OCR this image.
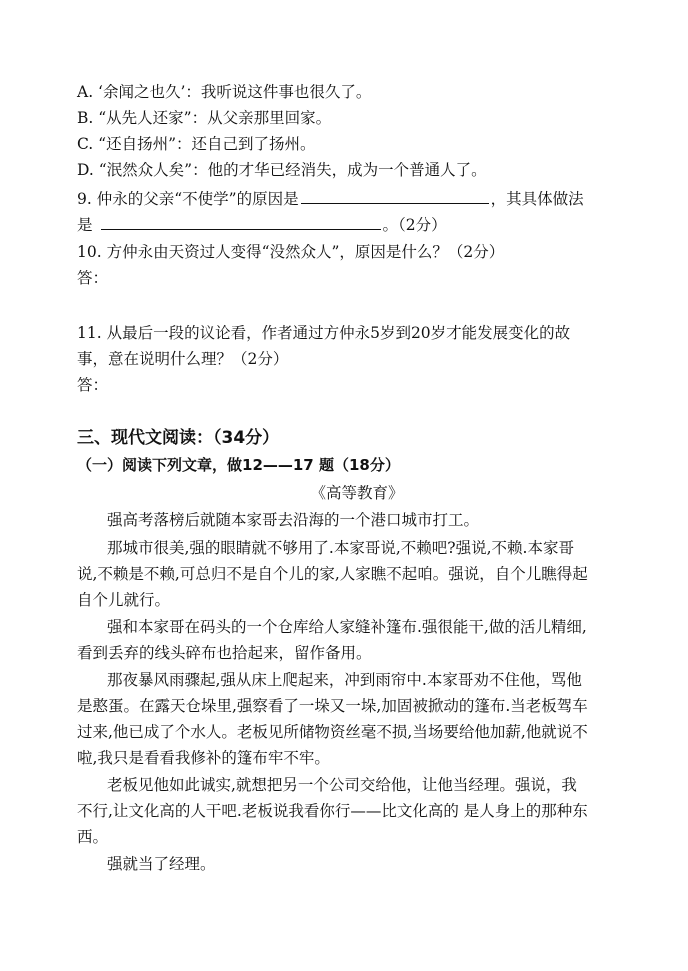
A. ‘余闻之也久’：我听说这件事也很久了。
B. “从先人还家”：从父亲那里回家。
C. “还自扬州”：还自己到了扬州。
D. “泯然众人矣”：他的才华已经消失，成为一个普通人了。
9. 仲永的父亲“不使学”的原因是	，其具体做法
是	。（2分）
10. 方仲永由天资过人变得“没然众人”，原因是什么？（2分）
答：
11. 从最后一段的议论看，作者通过方仲永5岁到20岁才能发展变化的故
事，意在说明什么理？（2分）
答：
三、现代文阅读：（34分）
（一）阅读下列文章，做12——17 题（18分）
《高等教育》
强高考落榜后就随本家哥去沿海的一个港口城市打工。
那城市很美,强的眼睛就不够用了.本家哥说,不赖吧?强说,不赖.本家哥
说,不赖是不赖,可总归不是自个儿的家,人家瞧不起咱。强说，自个儿瞧得起
自个儿就行。
强和本家哥在码头的一个仓库给人家缝补篷布.强很能干,做的活儿精细,
看到丢弃的线头碎布也拾起来，留作备用。
那夜暴风雨骤起,强从床上爬起来，冲到雨帘中.本家哥劝不住他，骂他
是憨蛋。在露天仓垛里,强察看了一垛又一垛,加固被掀动的篷布.当老板驾车
过来,他已成了个水人。老板见所储物资丝毫不损,当场要给他加薪,他就说不
啦,我只是看看我修补的篷布牢不牢。
老板见他如此诚实,就想把另一个公司交给他，让他当经理。强说，我
不行,让文化高的人干吧.老板说我看你行——比文化高的 是人身上的那种东
西。
强就当了经理。
